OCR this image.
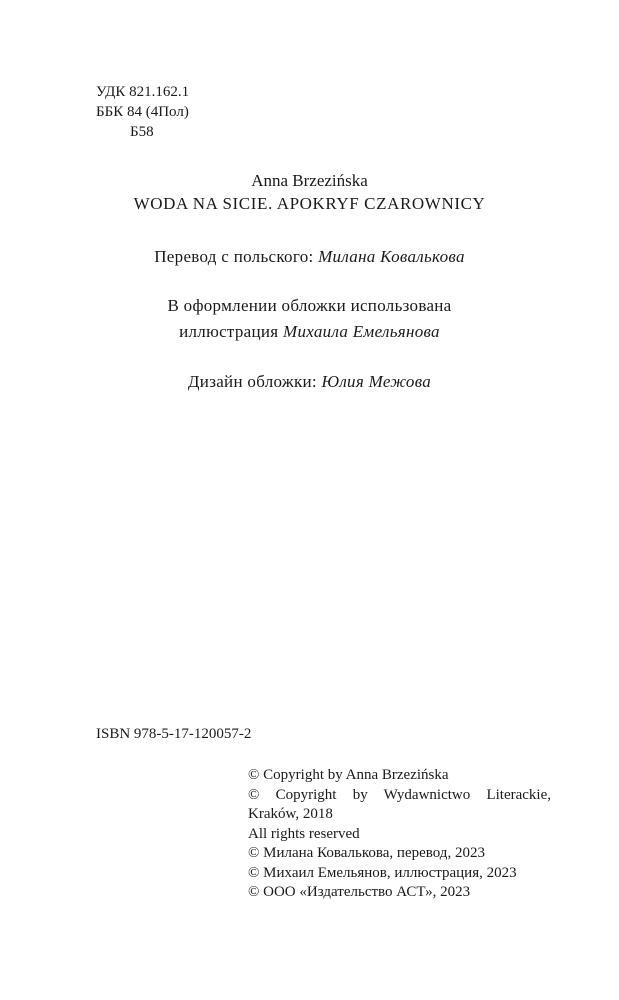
УДК 821.162.1
ББК 84 (4Пол)
Б58
Anna Brzezińska
WODA NA SICIE. APOKRYF CZAROWNICY
Перевод с польского: Милана Ковалькова
В оформлении обложки использована
иллюстрация Михаила Емельянова
Дизайн обложки: Юлия Межова
ISBN 978-5-17-120057-2
© Copyright by Anna Brzezińska
© Copyright by Wydawnictwo Literackie,
Kraków, 2018
All rights reserved
© Милана Ковалькова, перевод, 2023
© Михаил Емельянов, иллюстрация, 2023
© ООО «Издательство АСТ», 2023
